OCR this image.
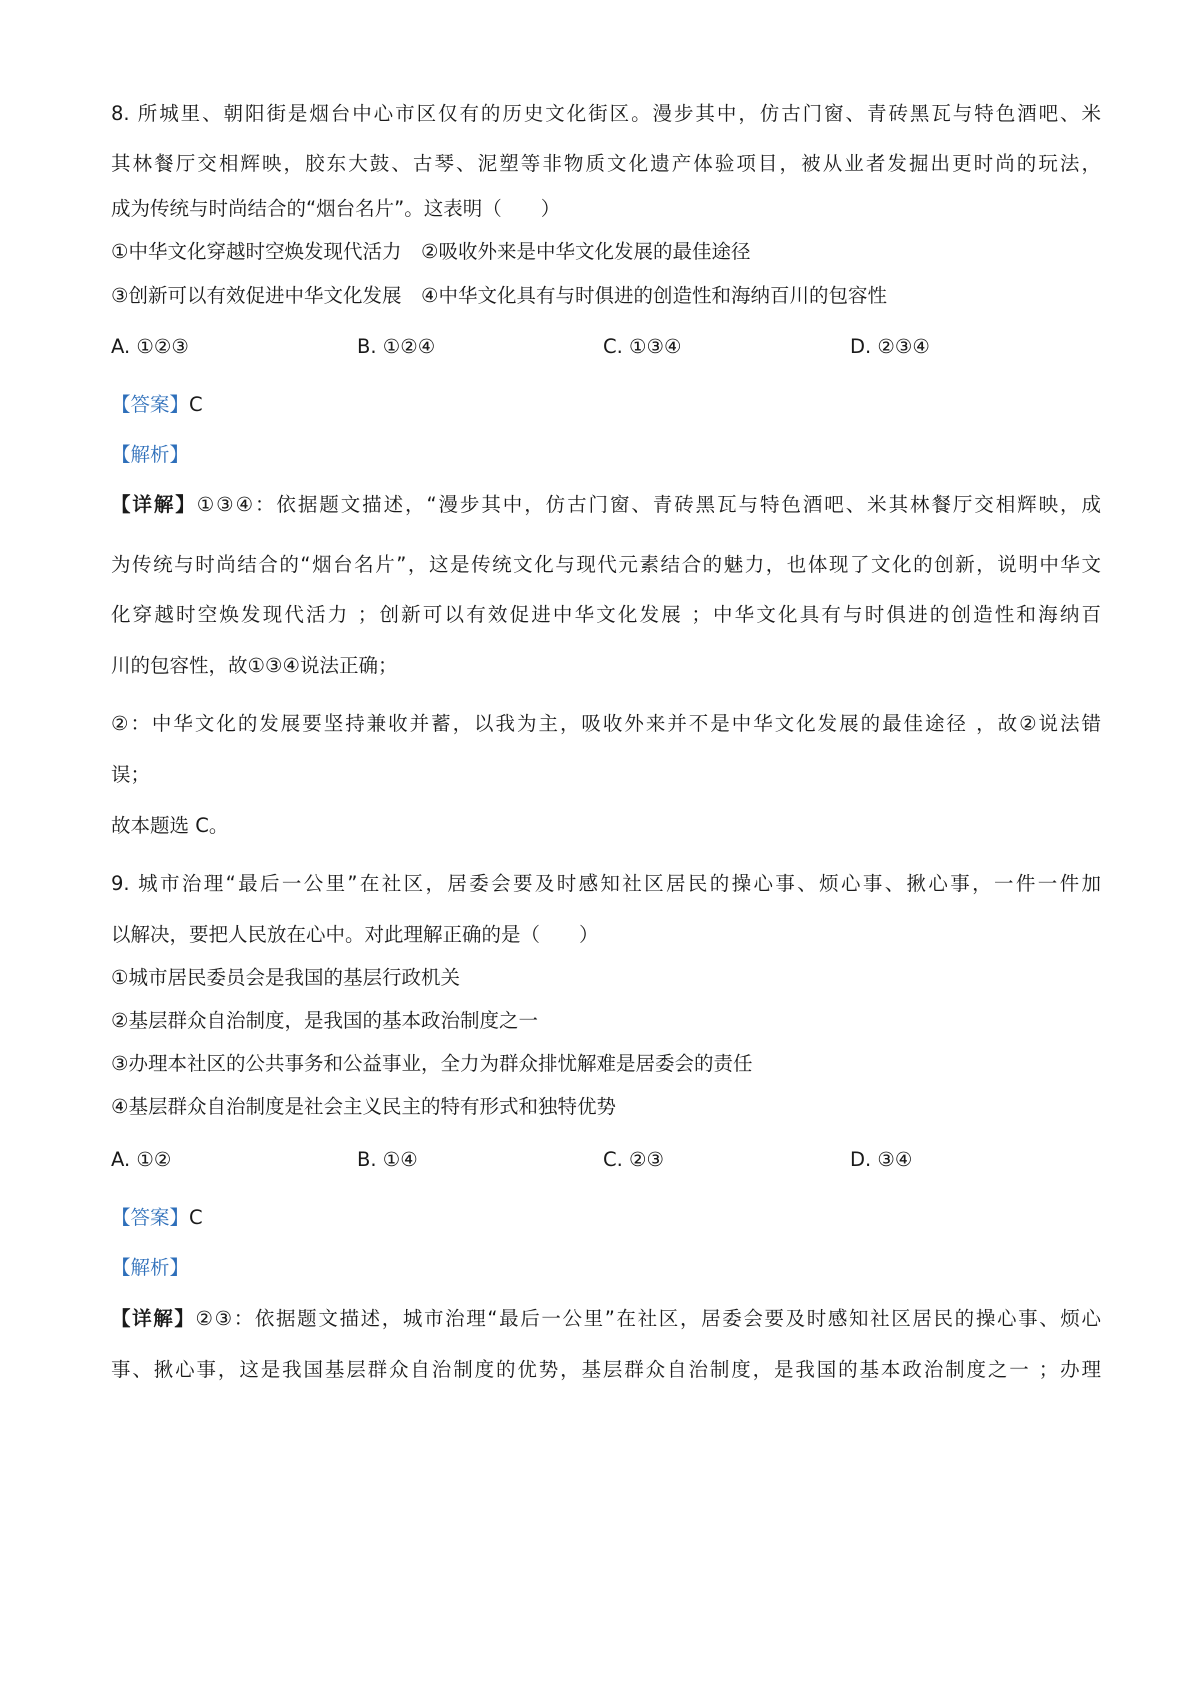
8. 所城里、朝阳街是烟台中心市区仅有的历史文化街区。漫步其中，仿古门窗、青砖黑瓦与特色酒吧、米
其林餐厅交相辉映，胶东大鼓、古琴、泥塑等非物质文化遗产体验项目，被从业者发掘出更时尚的玩法，
成为传统与时尚结合的“烟台名片”。这表明（　　）
①中华文化穿越时空焕发现代活力　②吸收外来是中华文化发展的最佳途径
③创新可以有效促进中华文化发展　④中华文化具有与时俱进的创造性和海纳百川的包容性
A. ①②③	B. ①②④	C. ①③④	D. ②③④
【答案】C
【解析】
【详解】①③④：依据题文描述，“漫步其中，仿古门窗、青砖黑瓦与特色酒吧、米其林餐厅交相辉映，成
为传统与时尚结合的“烟台名片”，这是传统文化与现代元素结合的魅力，也体现了文化的创新，说明中华文
化穿越时空焕发现代活力 ；创新可以有效促进中华文化发展 ；中华文化具有与时俱进的创造性和海纳百
川的包容性，故①③④说法正确；
②：中华文化的发展要坚持兼收并蓄，以我为主，吸收外来并不是中华文化发展的最佳途径 ，故②说法错
误；
故本题选 C。
9. 城市治理“最后一公里”在社区，居委会要及时感知社区居民的操心事、烦心事、揪心事，一件一件加
以解决，要把人民放在心中。对此理解正确的是（　　）
①城市居民委员会是我国的基层行政机关
②基层群众自治制度，是我国的基本政治制度之一
③办理本社区的公共事务和公益事业，全力为群众排忧解难是居委会的责任
④基层群众自治制度是社会主义民主的特有形式和独特优势
A. ①②	B. ①④	C. ②③	D. ③④
【答案】C
【解析】
【详解】②③：依据题文描述，城市治理“最后一公里”在社区，居委会要及时感知社区居民的操心事、烦心
事、揪心事，这是我国基层群众自治制度的优势，基层群众自治制度，是我国的基本政治制度之一 ；办理
